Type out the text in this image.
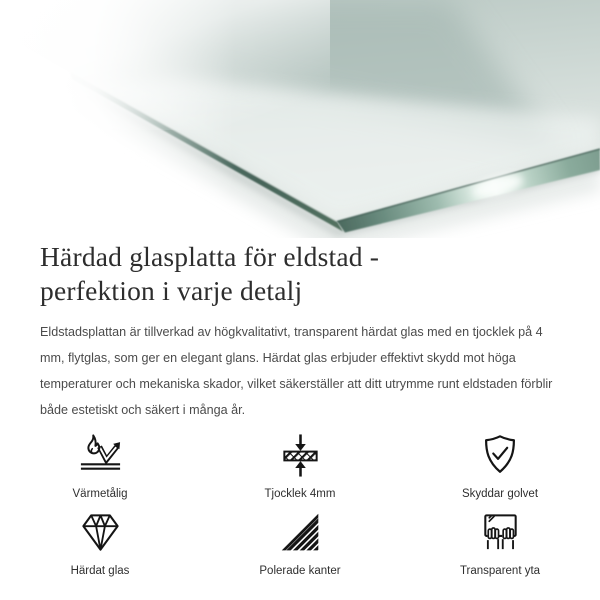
Härdad glasplatta för eldstad -
perfektion i varje detalj

Eldstadsplattan är tillverkad av högkvalitativt, transparent härdat glas med en tjocklek på 4 mm, flytglas, som ger en elegant glans. Härdat glas erbjuder effektivt skydd mot höga temperaturer och mekaniska skador, vilket säkerställer att ditt utrymme runt eldstaden förblir både estetiskt och säkert i många år.

Värmetålig	Tjocklek 4mm	Skyddar golvet
Härdat glas	Polerade kanter	Transparent yta
